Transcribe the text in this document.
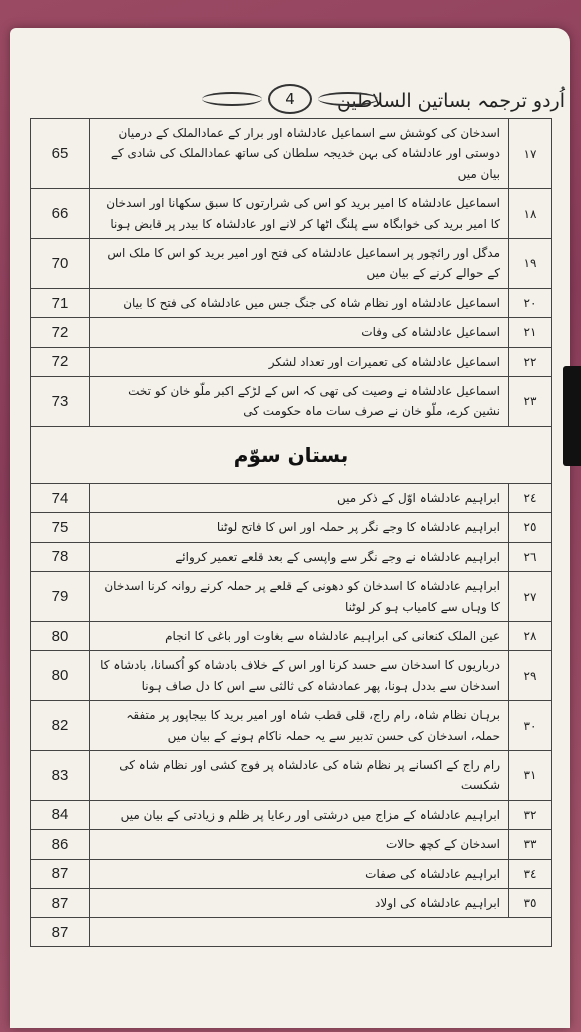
4	اُردو ترجمہ بساتین السلاطین
65	اسدخان کی کوشش سے اسماعیل عادلشاہ اور برار کے عمادالملک کے درمیان دوستی اور عادلشاہ کی بہن خدیجہ سلطان کی ساتھ عمادالملک کی شادی کے بیان میں	١٧
66	اسماعیل عادلشاہ کا امیر برید کو اس کی شرارتوں کا سبق سکھانا اور اسدخان کا امیر برید کی خوابگاہ سے پلنگ اٹھا کر لانے اور عادلشاہ کا بیدر پر قابض ہونا	١٨
70	مدگل اور رائچور پر اسماعیل عادلشاہ کی فتح اور امیر برید کو اس کا ملک اس کے حوالے کرنے کے بیان میں	١٩
71	اسماعیل عادلشاہ اور نظام شاہ کی جنگ جس میں عادلشاہ کی فتح کا بیان	٢٠
72	اسماعیل عادلشاہ کی وفات	٢١
72	اسماعیل عادلشاہ کی تعمیرات اور تعداد لشکر	٢٢
73	اسماعیل عادلشاہ نے وصیت کی تھی کہ اس کے لڑکے اکبر ملّو خان کو تخت نشین کرے، ملّو خان نے صرف سات ماہ حکومت کی	٢٣
بستان سوّم		
74	ابراہیم عادلشاہ اوّل کے ذکر میں	٢٤
75	ابراہیم عادلشاہ کا وجے نگر پر حملہ اور اس کا فاتح لوٹنا	٢٥
78	ابراہیم عادلشاہ نے وجے نگر سے واپسی کے بعد قلعے تعمیر کروائے	٢٦
79	ابراہیم عادلشاہ کا اسدخان کو دھونی کے قلعے پر حملہ کرنے روانہ کرنا اسدخان کا وہاں سے کامیاب ہو کر لوٹنا	٢٧
80	عین الملک کنعانی کی ابراہیم عادلشاہ سے بغاوت اور باغی کا انجام	٢٨
80	درباریوں کا اسدخان سے حسد کرنا اور اس کے خلاف بادشاہ کو اُکسانا، بادشاہ کا اسدخان سے بددل ہونا، پھر عمادشاہ کی ثالثی سے اس کا دل صاف ہونا	٢٩
82	برہان نظام شاہ، رام راج، قلی قطب شاہ اور امیر برید کا بیجاپور پر متفقہ حملہ، اسدخان کی حسن تدبیر سے یہ حملہ ناکام ہونے کے بیان میں	٣٠
83	رام راج کے اکسانے پر نظام شاہ کی عادلشاہ پر فوج کشی اور نظام شاہ کی شکست	٣١
84	ابراہیم عادلشاہ کے مزاج میں درشتی اور رعایا پر ظلم و زیادتی کے بیان میں	٣٢
86	اسدخان کے کچھ حالات	٣٣
87	ابراہیم عادلشاہ کی صفات	٣٤
87	ابراہیم عادلشاہ کی اولاد	٣٥
87		
